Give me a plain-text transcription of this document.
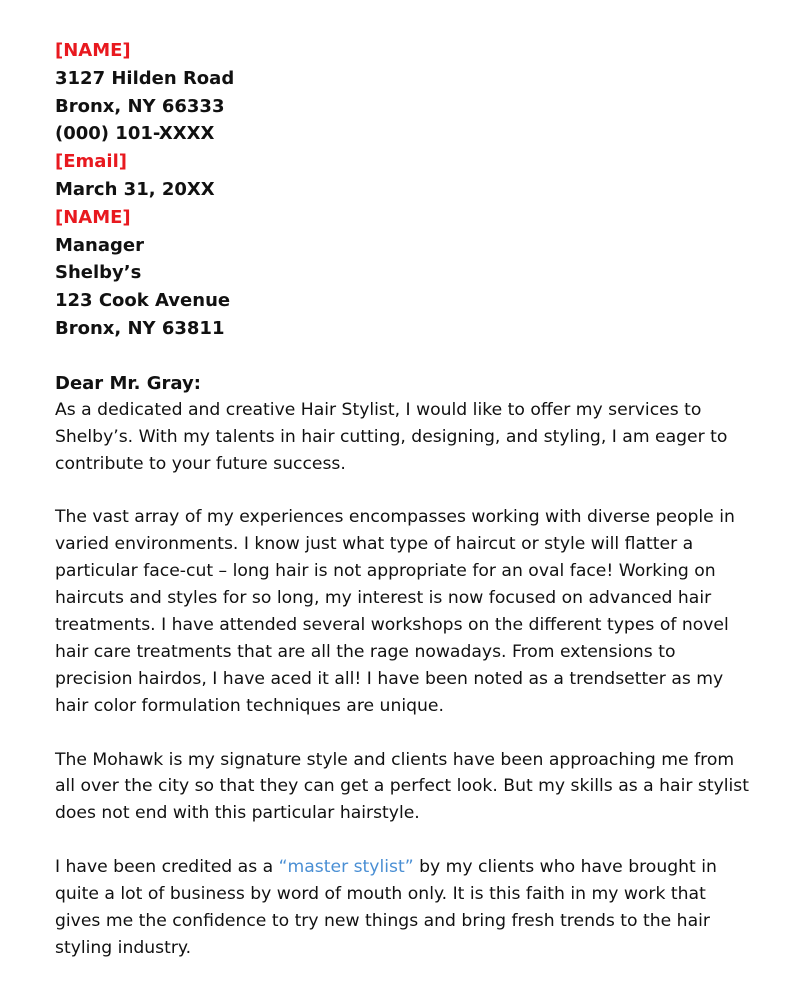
[NAME]
3127 Hilden Road
Bronx, NY 66333
(000) 101-XXXX
[Email]
March 31, 20XX
[NAME]
Manager
Shelby’s
123 Cook Avenue
Bronx, NY 63811
Dear Mr. Gray:

As a dedicated and creative Hair Stylist, I would like to offer my services to Shelby’s. With my talents in hair cutting, designing, and styling, I am eager to contribute to your future success.

The vast array of my experiences encompasses working with diverse people in varied environments. I know just what type of haircut or style will flatter a particular face-cut – long hair is not appropriate for an oval face! Working on haircuts and styles for so long, my interest is now focused on advanced hair treatments. I have attended several workshops on the different types of novel hair care treatments that are all the rage nowadays. From extensions to precision hairdos, I have aced it all! I have been noted as a trendsetter as my hair color formulation techniques are unique.

The Mohawk is my signature style and clients have been approaching me from all over the city so that they can get a perfect look. But my skills as a hair stylist does not end with this particular hairstyle.

I have been credited as a “master stylist” by my clients who have brought in quite a lot of business by word of mouth only. It is this faith in my work that gives me the confidence to try new things and bring fresh trends to the hair styling industry.
